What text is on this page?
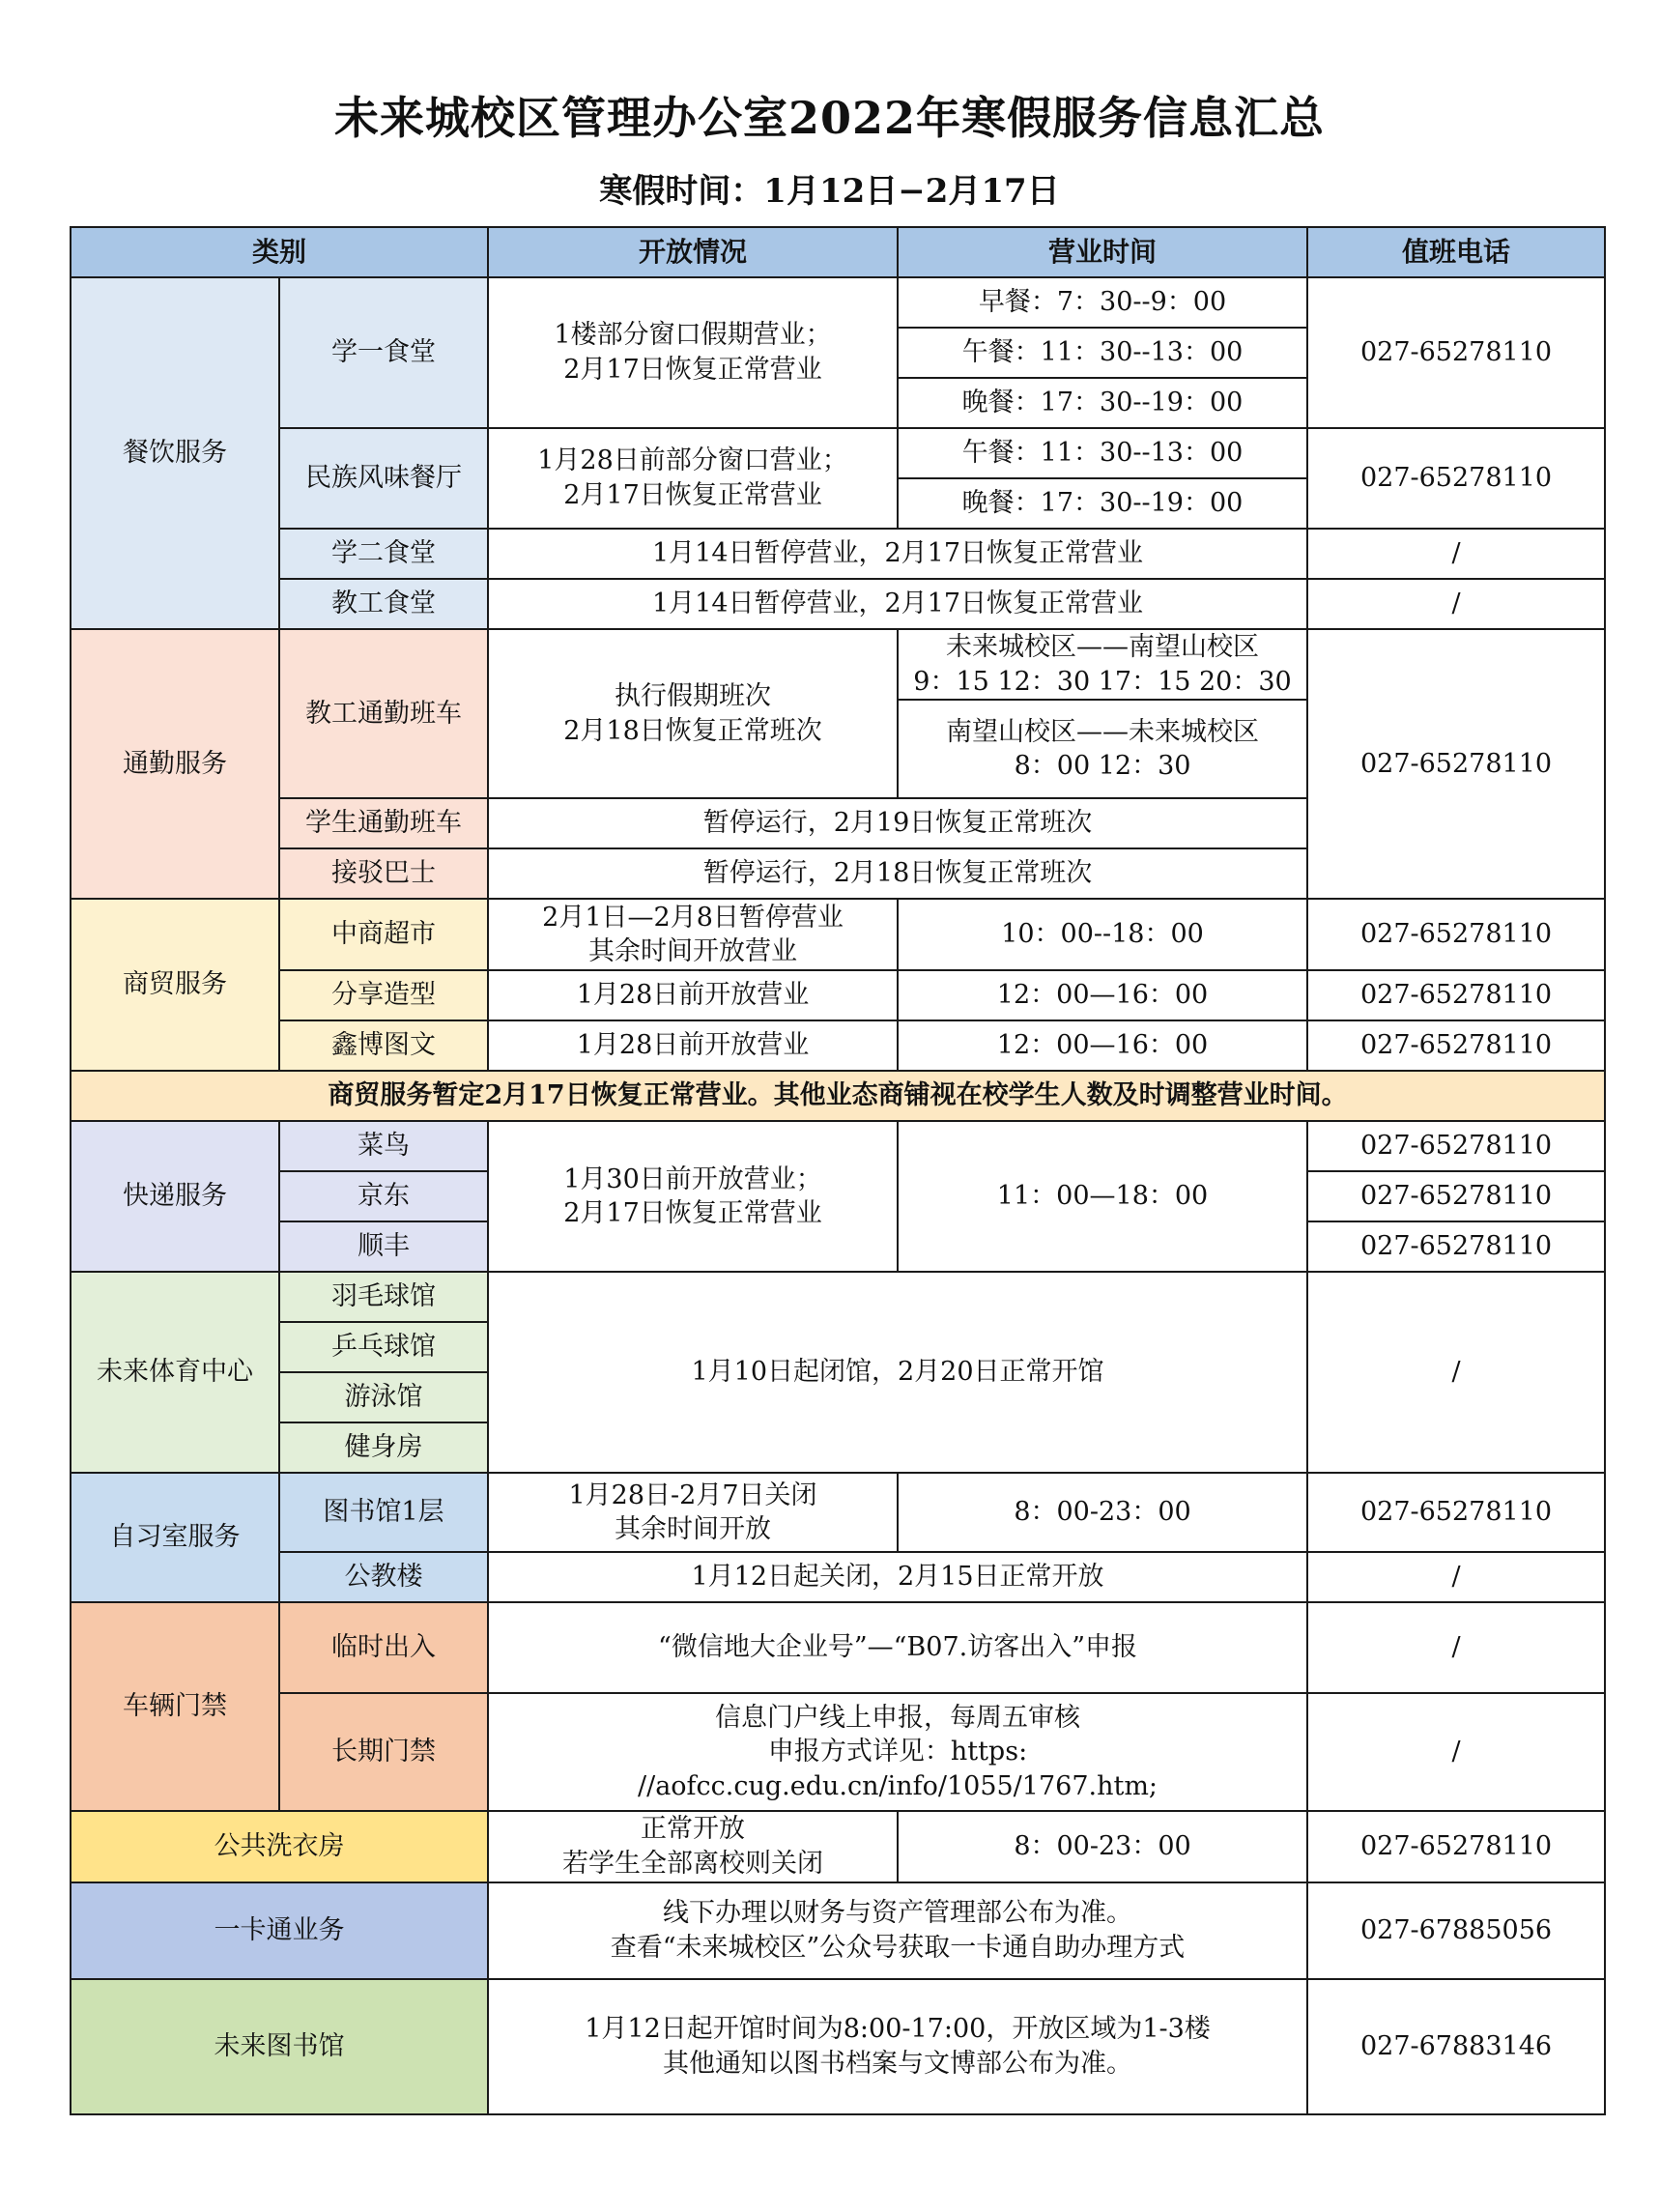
未来城校区管理办公室2022年寒假服务信息汇总
寒假时间：1月12日−2月17日
类别		开放情况	营业时间	值班电话
餐饮服务	学一食堂	1楼部分窗口假期营业；
2月17日恢复正常营业	早餐：7：30--9：00	027-65278110
			午餐：11：30--13：00	
			晚餐：17：30--19：00	
	民族风味餐厅	1月28日前部分窗口营业；
2月17日恢复正常营业	午餐：11：30--13：00	027-65278110
			晚餐：17：30--19：00	
	学二食堂	1月14日暂停营业，2月17日恢复正常营业		/
	教工食堂	1月14日暂停营业，2月17日恢复正常营业		/
通勤服务	教工通勤班车	执行假期班次
2月18日恢复正常班次	未来城校区——南望山校区
9：15 12：30 17：15 20：30	027-65278110

			南望山校区——未来城校区
8：00 12：30	

	学生通勤班车	暂停运行，2月19日恢复正常班次		
	接驳巴士	暂停运行，2月18日恢复正常班次		
商贸服务	中商超市	2月1日—2月8日暂停营业
其余时间开放营业	10：00--18：00	027-65278110
	分享造型	1月28日前开放营业	12：00—16：00	027-65278110
	鑫博图文	1月28日前开放营业	12：00—16：00	027-65278110
商贸服务暂定2月17日恢复正常营业。其他业态商铺视在校学生人数及时调整营业时间。				
快递服务	菜鸟	1月30日前开放营业；
2月17日恢复正常营业	11：00—18：00	027-65278110
	京东			027-65278110
	顺丰			027-65278110
未来体育中心	羽毛球馆	1月10日起闭馆，2月20日正常开馆		/
	乒乓球馆			
	游泳馆			
	健身房			
自习室服务	图书馆1层	1月28日-2月7日关闭
其余时间开放	8：00-23：00	027-65278110
	公教楼	1月12日起关闭，2月15日正常开放		/
车辆门禁	临时出入	“微信地大企业号”—“B07.访客出入”申报		/
	长期门禁	信息门户线上申报，每周五审核
申报方式详见：https:
//aofcc.cug.edu.cn/info/1055/1767.htm;		/
公共洗衣房		正常开放
若学生全部离校则关闭	8：00-23：00	027-65278110
一卡通业务		线下办理以财务与资产管理部公布为准。
查看“未来城校区”公众号获取一卡通自助办理方式		027-67885056
未来图书馆		1月12日起开馆时间为8:00-17:00，开放区域为1-3楼
其他通知以图书档案与文博部公布为准。		027-67883146
